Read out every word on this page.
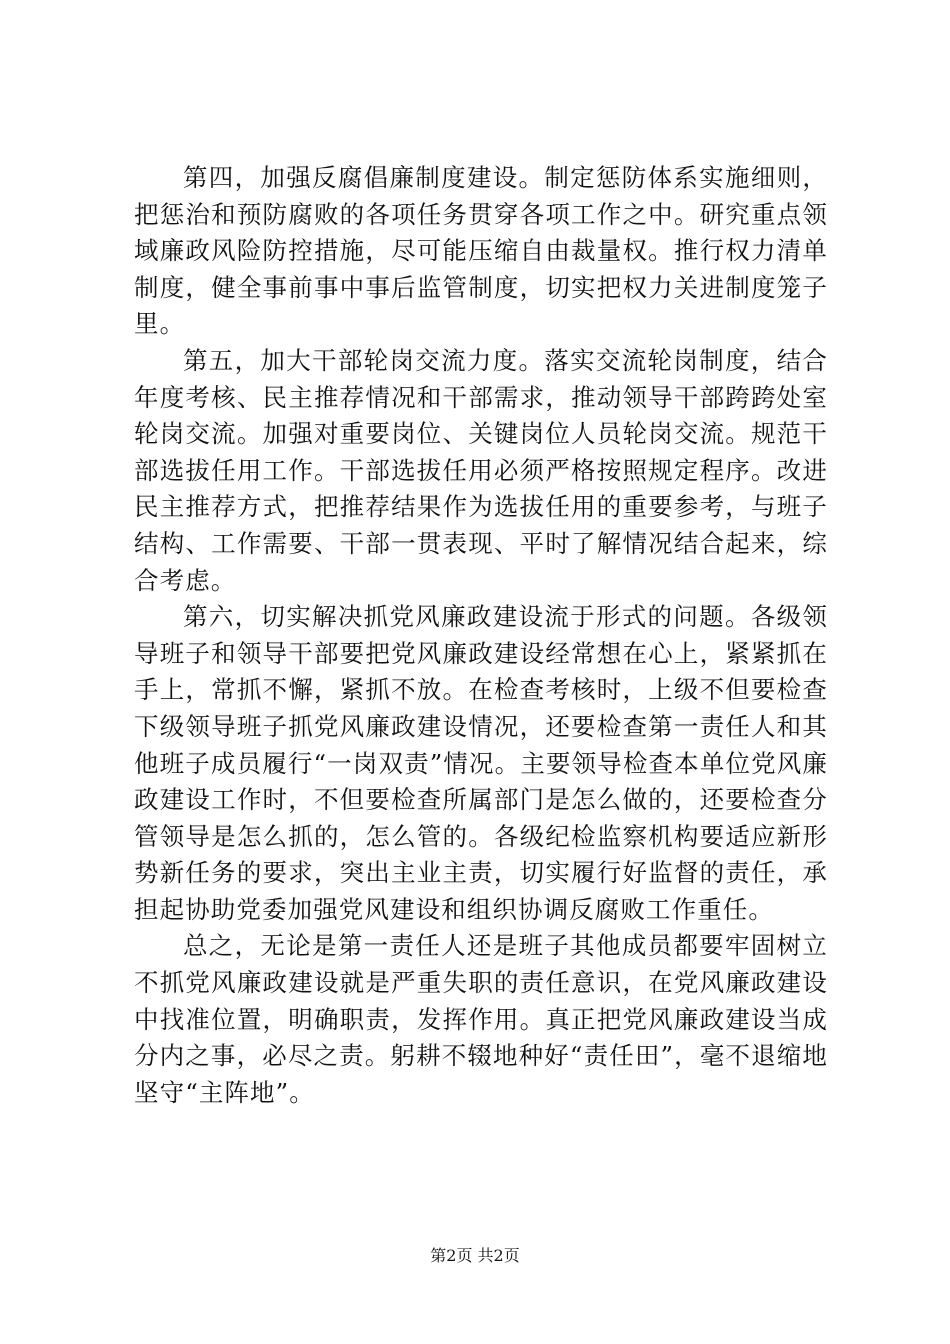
第四，加强反腐倡廉制度建设。制定惩防体系实施细则，把惩治和预防腐败的各项任务贯穿各项工作之中。研究重点领域廉政风险防控措施，尽可能压缩自由裁量权。推行权力清单制度，健全事前事中事后监管制度，切实把权力关进制度笼子里。

第五，加大干部轮岗交流力度。落实交流轮岗制度，结合年度考核、民主推荐情况和干部需求，推动领导干部跨跨处室轮岗交流。加强对重要岗位、关键岗位人员轮岗交流。规范干部选拔任用工作。干部选拔任用必须严格按照规定程序。改进民主推荐方式，把推荐结果作为选拔任用的重要参考，与班子结构、工作需要、干部一贯表现、平时了解情况结合起来，综合考虑。

第六，切实解决抓党风廉政建设流于形式的问题。各级领导班子和领导干部要把党风廉政建设经常想在心上，紧紧抓在手上，常抓不懈，紧抓不放。在检查考核时，上级不但要检查下级领导班子抓党风廉政建设情况，还要检查第一责任人和其他班子成员履行“一岗双责”情况。主要领导检查本单位党风廉政建设工作时，不但要检查所属部门是怎么做的，还要检查分管领导是怎么抓的，怎么管的。各级纪检监察机构要适应新形势新任务的要求，突出主业主责，切实履行好监督的责任，承担起协助党委加强党风建设和组织协调反腐败工作重任。

总之，无论是第一责任人还是班子其他成员都要牢固树立不抓党风廉政建设就是严重失职的责任意识，在党风廉政建设中找准位置，明确职责，发挥作用。真正把党风廉政建设当成分内之事，必尽之责。躬耕不辍地种好“责任田”，毫不退缩地坚守“主阵地”。

第2页 共2页
